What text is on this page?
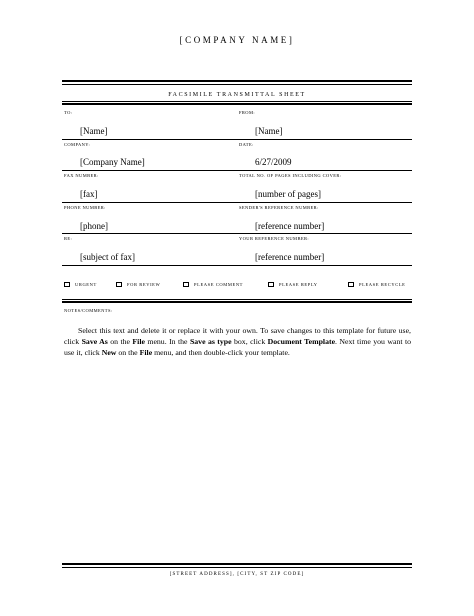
[COMPANY NAME]
FACSIMILE TRANSMITTAL SHEET
TO:	FROM:
[Name]	[Name]
COMPANY:	DATE:
[Company Name]	6/27/2009
FAX NUMBER:	TOTAL NO. OF PAGES INCLUDING COVER:
[fax]	[number of pages]
PHONE NUMBER:	SENDER'S REFERENCE NUMBER:
[phone]	[reference number]
RE:	YOUR REFERENCE NUMBER:
[subject of fax]	[reference number]
URGENT	FOR REVIEW	PLEASE COMMENT	PLEASE REPLY	PLEASE RECYCLE
NOTES/COMMENTS:
Select this text and delete it or replace it with your own. To save changes to this template for future use, click Save As on the File menu. In the Save as type box, click Document Template. Next time you want to use it, click New on the File menu, and then double-click your template.
[STREET ADDRESS], [CITY, ST ZIP CODE]
